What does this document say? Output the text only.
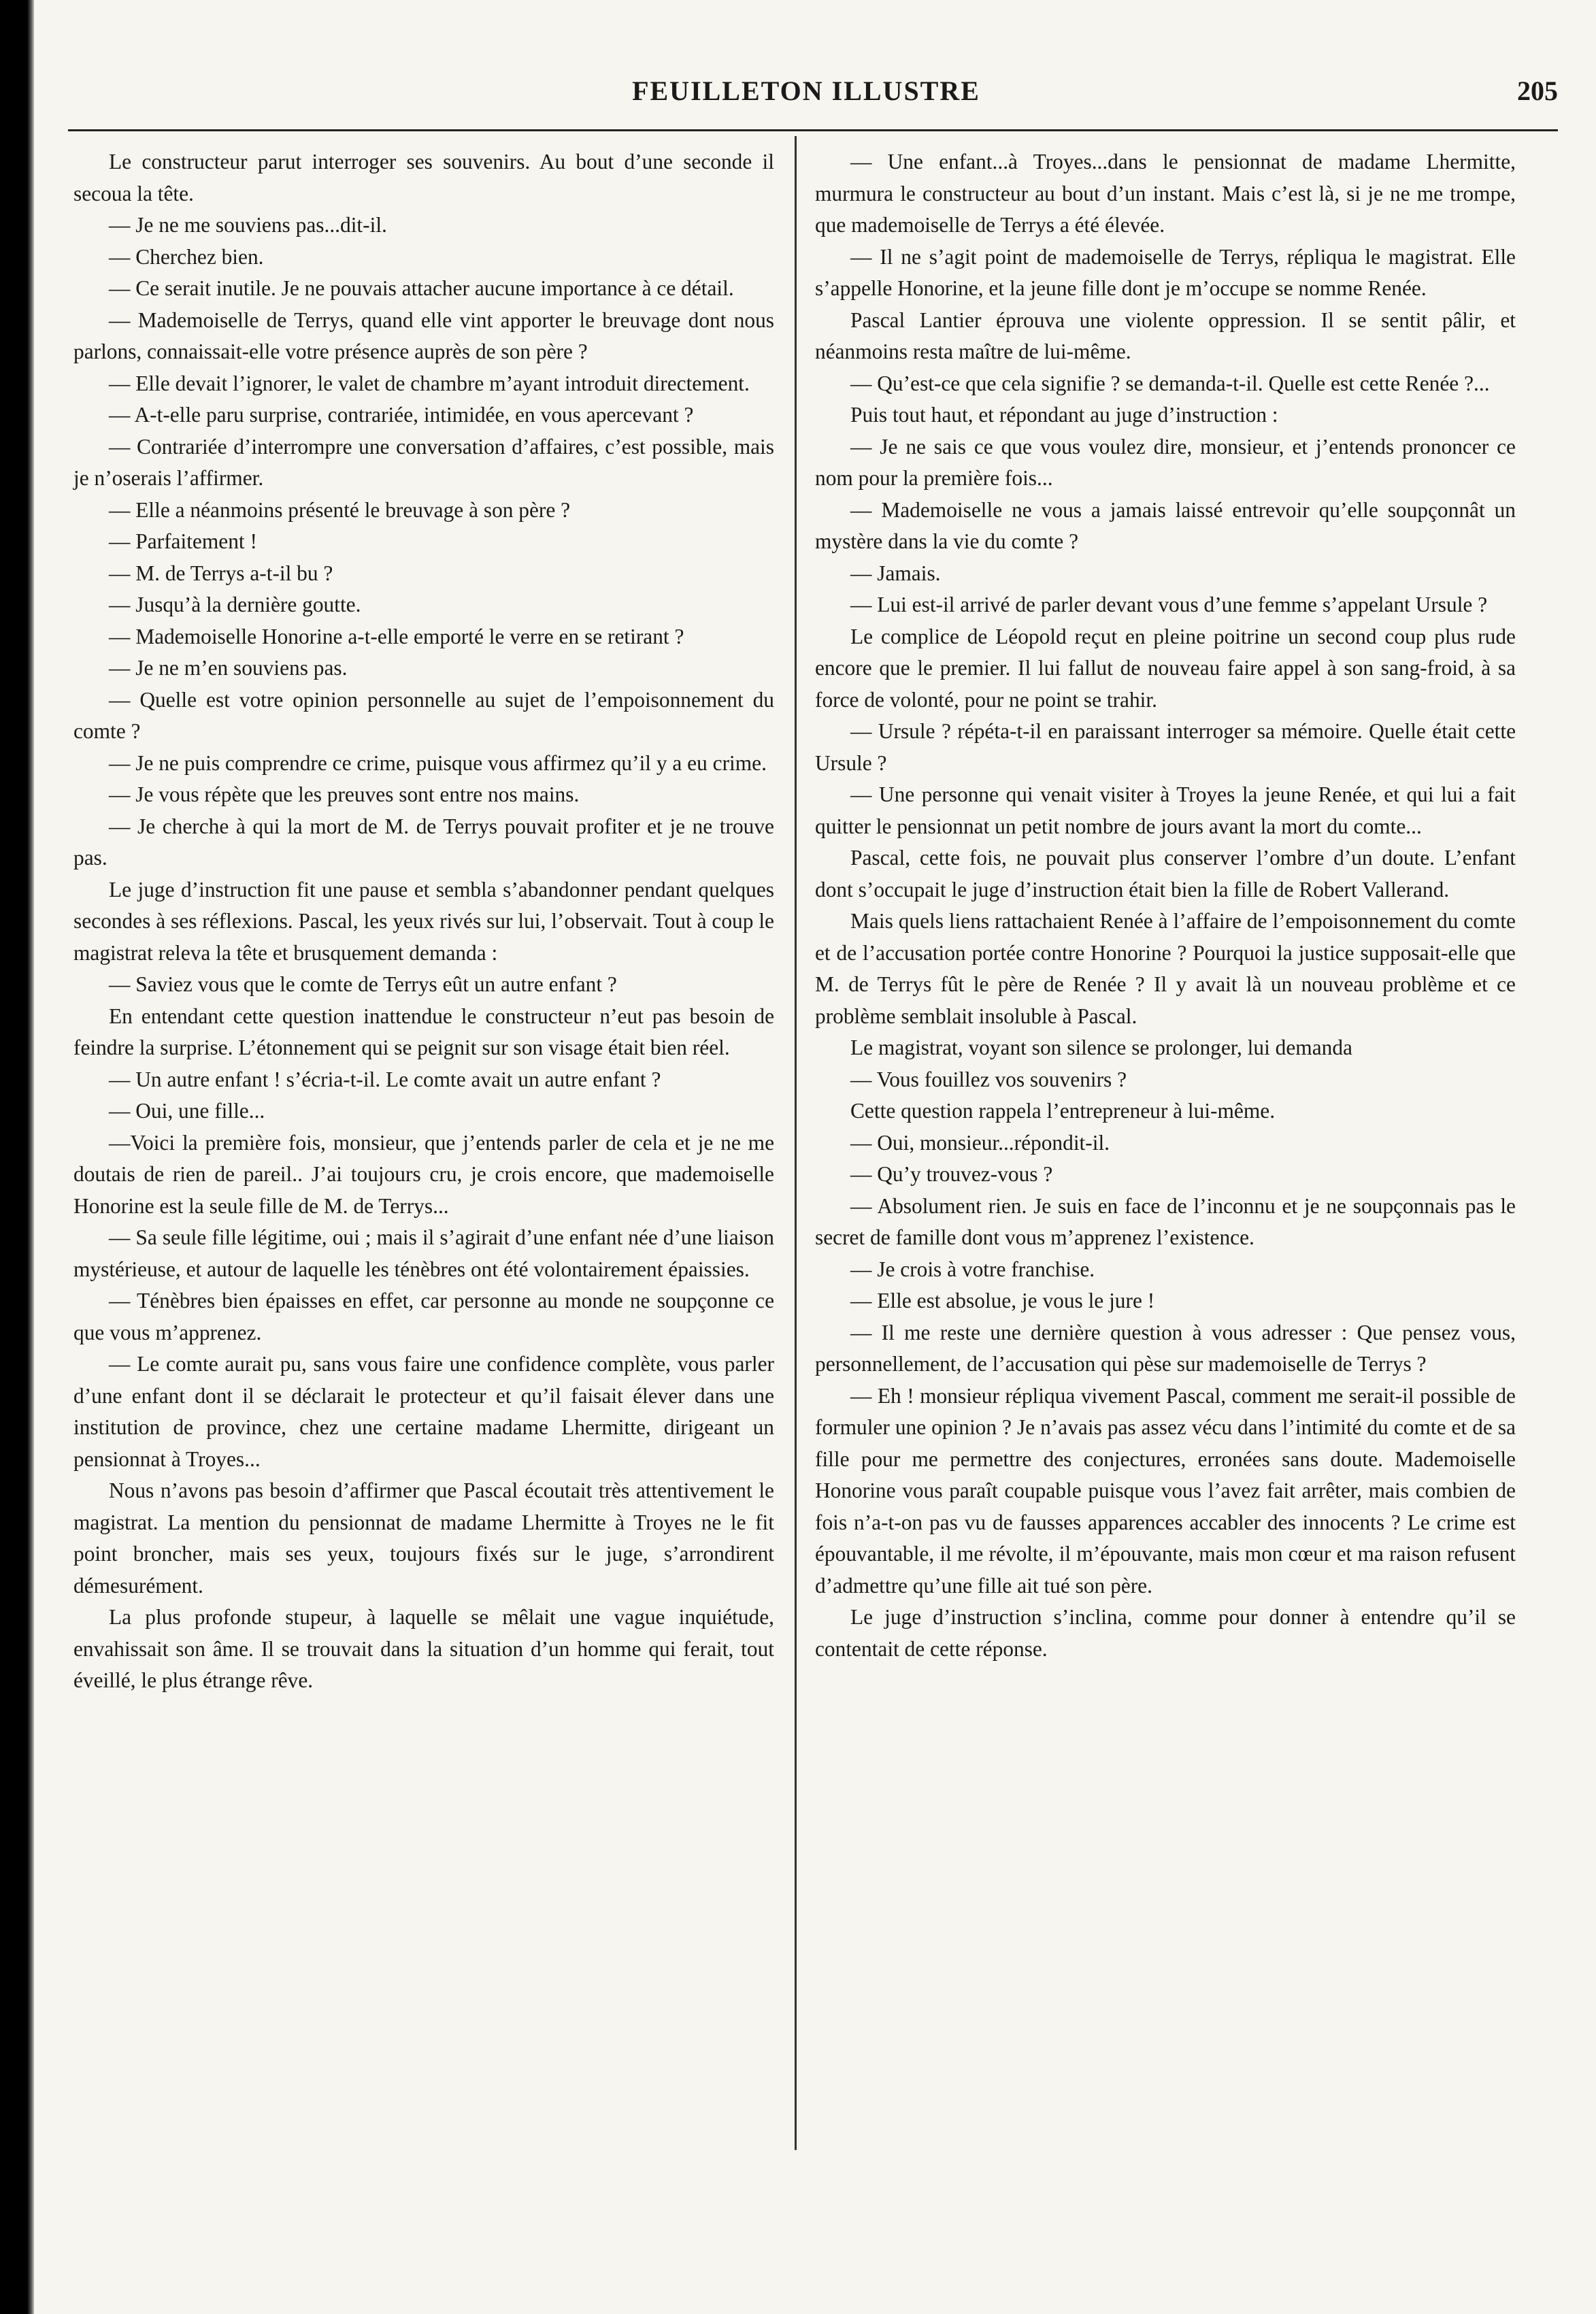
FEUILLETON ILLUSTRE	205

Le constructeur parut interroger ses souvenirs. Au bout d’une seconde il secoua la tête.

— Je ne me souviens pas...dit-il.

— Cherchez bien.

— Ce serait inutile. Je ne pouvais attacher aucune importance à ce détail.

— Mademoiselle de Terrys, quand elle vint apporter le breuvage dont nous parlons, connaissait-elle votre présence auprès de son père ?

— Elle devait l’ignorer, le valet de chambre m’ayant introduit directement.

— A-t-elle paru surprise, contrariée, intimidée, en vous apercevant ?

— Contrariée d’interrompre une conversation d’affaires, c’est possible, mais je n’oserais l’affirmer.

— Elle a néanmoins présenté le breuvage à son père ?

— Parfaitement !

— M. de Terrys a-t-il bu ?

— Jusqu’à la dernière goutte.

— Mademoiselle Honorine a-t-elle emporté le verre en se retirant ?

— Je ne m’en souviens pas.

— Quelle est votre opinion personnelle au sujet de l’empoisonnement du comte ?

— Je ne puis comprendre ce crime, puisque vous affirmez qu’il y a eu crime.

— Je vous répète que les preuves sont entre nos mains.

— Je cherche à qui la mort de M. de Terrys pouvait profiter et je ne trouve pas.

Le juge d’instruction fit une pause et sembla s’abandonner pendant quelques secondes à ses réflexions. Pascal, les yeux rivés sur lui, l’observait. Tout à coup le magistrat releva la tête et brusquement demanda :

— Saviez vous que le comte de Terrys eût un autre enfant ?

En entendant cette question inattendue le constructeur n’eut pas besoin de feindre la surprise. L’étonnement qui se peignit sur son visage était bien réel.

— Un autre enfant ! s’écria-t-il. Le comte avait un autre enfant ?

— Oui, une fille...

—Voici la première fois, monsieur, que j’entends parler de cela et je ne me doutais de rien de pareil.. J’ai toujours cru, je crois encore, que mademoiselle Honorine est la seule fille de M. de Terrys...

— Sa seule fille légitime, oui ; mais il s’agirait d’une enfant née d’une liaison mystérieuse, et autour de laquelle les ténèbres ont été volontairement épaissies.

— Ténèbres bien épaisses en effet, car personne au monde ne soupçonne ce que vous m’apprenez.

— Le comte aurait pu, sans vous faire une confidence complète, vous parler d’une enfant dont il se déclarait le protecteur et qu’il faisait élever dans une institution de province, chez une certaine madame Lhermitte, dirigeant un pensionnat à Troyes...

Nous n’avons pas besoin d’affirmer que Pascal écoutait très attentivement le magistrat. La mention du pensionnat de madame Lhermitte à Troyes ne le fit point broncher, mais ses yeux, toujours fixés sur le juge, s’arrondirent démesurément.

La plus profonde stupeur, à laquelle se mêlait une vague inquiétude, envahissait son âme. Il se trouvait dans la situation d’un homme qui ferait, tout éveillé, le plus étrange rêve.

— Une enfant...à Troyes...dans le pensionnat de madame Lhermitte, murmura le constructeur au bout d’un instant. Mais c’est là, si je ne me trompe, que mademoiselle de Terrys a été élevée.

— Il ne s’agit point de mademoiselle de Terrys, répliqua le magistrat. Elle s’appelle Honorine, et la jeune fille dont je m’occupe se nomme Renée.

Pascal Lantier éprouva une violente oppression. Il se sentit pâlir, et néanmoins resta maître de lui-même.

— Qu’est-ce que cela signifie ? se demanda-t-il. Quelle est cette Renée ?...

Puis tout haut, et répondant au juge d’instruction :

— Je ne sais ce que vous voulez dire, monsieur, et j’entends prononcer ce nom pour la première fois...

— Mademoiselle ne vous a jamais laissé entrevoir qu’elle soupçonnât un mystère dans la vie du comte ?

— Jamais.

— Lui est-il arrivé de parler devant vous d’une femme s’appelant Ursule ?

Le complice de Léopold reçut en pleine poitrine un second coup plus rude encore que le premier. Il lui fallut de nouveau faire appel à son sang-froid, à sa force de volonté, pour ne point se trahir.

— Ursule ? répéta-t-il en paraissant interroger sa mémoire. Quelle était cette Ursule ?

— Une personne qui venait visiter à Troyes la jeune Renée, et qui lui a fait quitter le pensionnat un petit nombre de jours avant la mort du comte...

Pascal, cette fois, ne pouvait plus conserver l’ombre d’un doute. L’enfant dont s’occupait le juge d’instruction était bien la fille de Robert Vallerand.

Mais quels liens rattachaient Renée à l’affaire de l’empoisonnement du comte et de l’accusation portée contre Honorine ? Pourquoi la justice supposait-elle que M. de Terrys fût le père de Renée ? Il y avait là un nouveau problème et ce problème semblait insoluble à Pascal.

Le magistrat, voyant son silence se prolonger, lui demanda

— Vous fouillez vos souvenirs ?

Cette question rappela l’entrepreneur à lui-même.

— Oui, monsieur...répondit-il.

— Qu’y trouvez-vous ?

— Absolument rien. Je suis en face de l’inconnu et je ne soupçonnais pas le secret de famille dont vous m’apprenez l’existence.

— Je crois à votre franchise.

— Elle est absolue, je vous le jure !

— Il me reste une dernière question à vous adresser : Que pensez vous, personnellement, de l’accusation qui pèse sur mademoiselle de Terrys ?

— Eh ! monsieur répliqua vivement Pascal, comment me serait-il possible de formuler une opinion ? Je n’avais pas assez vécu dans l’intimité du comte et de sa fille pour me permettre des conjectures, erronées sans doute. Mademoiselle Honorine vous paraît coupable puisque vous l’avez fait arrêter, mais combien de fois n’a-t-on pas vu de fausses apparences accabler des innocents ? Le crime est épouvantable, il me révolte, il m’épouvante, mais mon cœur et ma raison refusent d’admettre qu’une fille ait tué son père.

Le juge d’instruction s’inclina, comme pour donner à entendre qu’il se contentait de cette réponse.
